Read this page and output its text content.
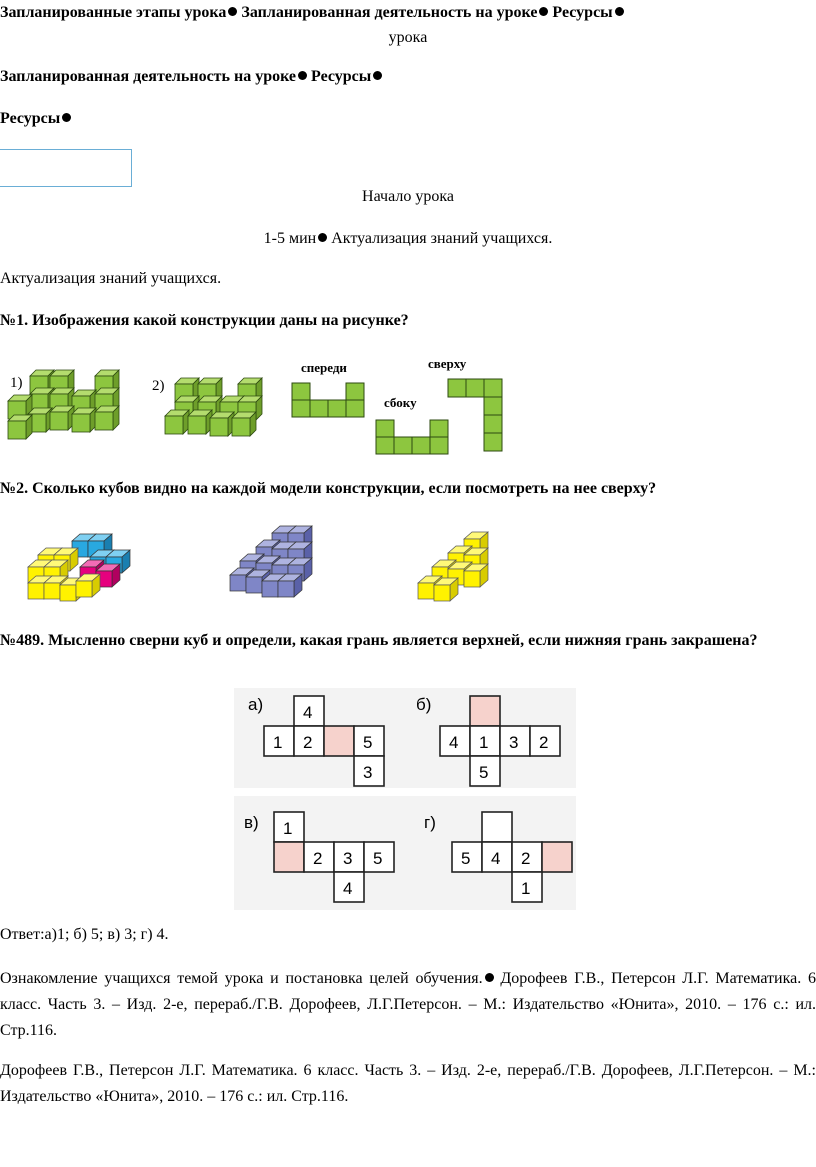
Запланированные этапы урока Запланированная деятельность на уроке Ресурсы
урока
Запланированная деятельность на уроке Ресурсы
Ресурсы
Начало урока
1-5 мин Актуализация знаний учащихся.
Актуализация знаний учащихся.
№1. Изображения какой конструкции даны на рисунке?
1)	2)
спереди	сверху
сбоку
№2. Сколько кубов видно на каждой модели конструкции, если посмотреть на нее сверху?
№489. Мысленно сверни куб и определи, какая грань является верхней, если нижняя грань закрашена?
а) 4
1 2	5
3
б)
4 1 3 2
5
в) 1
2 3 5
4
г)
5 4 2
1
Ответ:а)1; б) 5; в) 3; г) 4.
Ознакомление учащихся темой урока и постановка целей обучения. Дорофеев Г.В., Петерсон Л.Г. Математика. 6 класс. Часть 3. – Изд. 2-е, перераб./Г.В. Дорофеев, Л.Г.Петерсон. – М.: Издательство «Юнита», 2010. – 176 с.: ил. Стр.116.
Дорофеев Г.В., Петерсон Л.Г. Математика. 6 класс. Часть 3. – Изд. 2-е, перераб./Г.В. Дорофеев, Л.Г.Петерсон. – М.: Издательство «Юнита», 2010. – 176 с.: ил. Стр.116.
